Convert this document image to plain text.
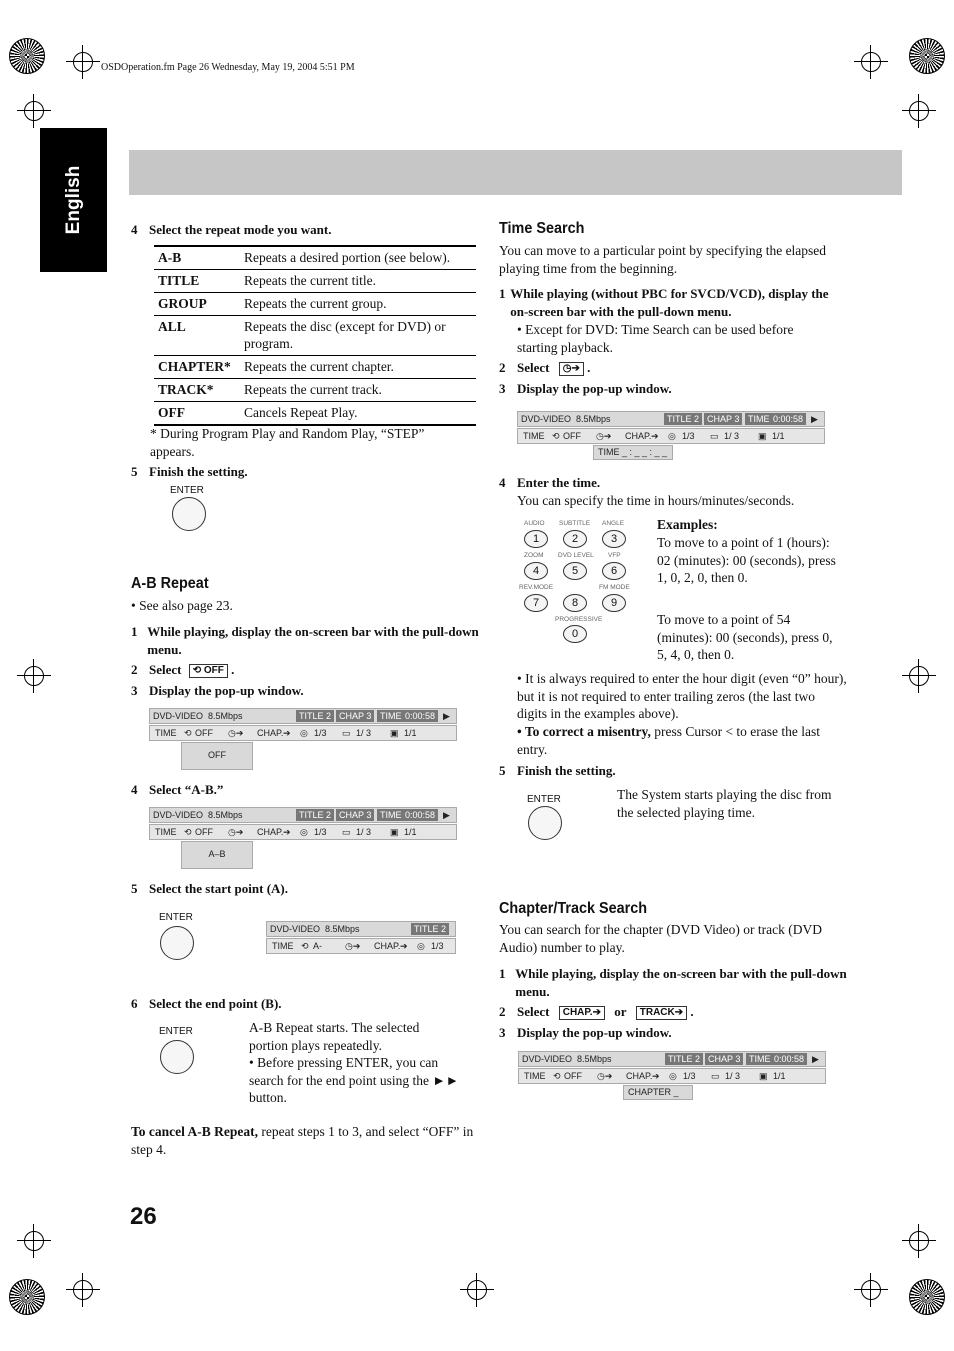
OSDOperation.fm Page 26 Wednesday, May 19, 2004 5:51 PM
English	4 Select the repeat mode you want.
A-B	Repeats a desired portion (see below).
TITLE	Repeats the current title.
GROUP	Repeats the current group.
ALL	Repeats the disc (except for DVD) or program.
CHAPTER*	Repeats the current chapter.
TRACK*	Repeats the current track.
OFF	Cancels Repeat Play.
* During Program Play and Random Play, “STEP” appears.
5 Finish the setting.
ENTER
A-B Repeat
• See also page 23.
1 While playing, display the on-screen bar with the pull-down menu.
2 Select ⟲ OFF .
3 Display the pop-up window.
DVD-VIDEO 8.5Mbps	TITLE 2 CHAP 3 TIME 0:00:58 ▶
TIME ⟲ OFF ◷➔ CHAP. ➔ ◎ 1/3 ▭ 1/ 3 ▣ 1/1
OFF
4 Select “A-B.”
DVD-VIDEO 8.5Mbps	TITLE 2 CHAP 3 TIME 0:00:58 ▶
TIME ⟲ OFF ◷➔ CHAP. ➔ ◎ 1/3 ▭ 1/ 3 ▣ 1/1
A–B
5 Select the start point (A).
ENTER
DVD-VIDEO 8.5Mbps	TITLE 2
TIME ⟲ A-	◷➔ CHAP. ➔ ◎ 1/3
6 Select the end point (B).
ENTER	A-B Repeat starts. The selected portion plays repeatedly.
• Before pressing ENTER, you can search for the end point using the ►► button.
To cancel A-B Repeat, repeat steps 1 to 3, and select “OFF” in step 4.
26
Time Search
You can move to a particular point by specifying the elapsed playing time from the beginning.
1 While playing (without PBC for SVCD/VCD), display the on-screen bar with the pull-down menu.
• Except for DVD: Time Search can be used before starting playback.
2 Select ◷➔ .
3 Display the pop-up window.
DVD-VIDEO 8.5Mbps	TITLE 2 CHAP 3 TIME 0:00:58 ▶
TIME ⟲ OFF ◷➔ CHAP. ➔ ◎ 1/3 ▭ 1/ 3 ▣ 1/1
TIME _ : _ _ : _ _
4 Enter the time.
You can specify the time in hours/minutes/seconds.
AUDIO SUBTITLE ANGLE
1	2	3
ZOOM DVD LEVEL VFP
4	5	6
REV.MODE	FM MODE
7	8	9
PROGRESSIVE
0
Examples:
To move to a point of 1 (hours): 02 (minutes): 00 (seconds), press 1, 0, 2, 0, then 0.
To move to a point of 54 (minutes): 00 (seconds), press 0, 5, 4, 0, then 0.
• It is always required to enter the hour digit (even “0” hour), but it is not required to enter trailing zeros (the last two digits in the examples above).
• To correct a misentry, press Cursor < to erase the last entry.
5 Finish the setting.
ENTER	The System starts playing the disc from the selected playing time.
Chapter/Track Search
You can search for the chapter (DVD Video) or track (DVD Audio) number to play.
1 While playing, display the on-screen bar with the pull-down menu.
2 Select CHAP.➔ or TRACK➔ .
3 Display the pop-up window.
DVD-VIDEO 8.5Mbps	TITLE 2 CHAP 3 TIME 0:00:58 ▶
TIME ⟲ OFF ◷➔ CHAP. ➔ ◎ 1/3 ▭ 1/ 3 ▣ 1/1
CHAPTER _
